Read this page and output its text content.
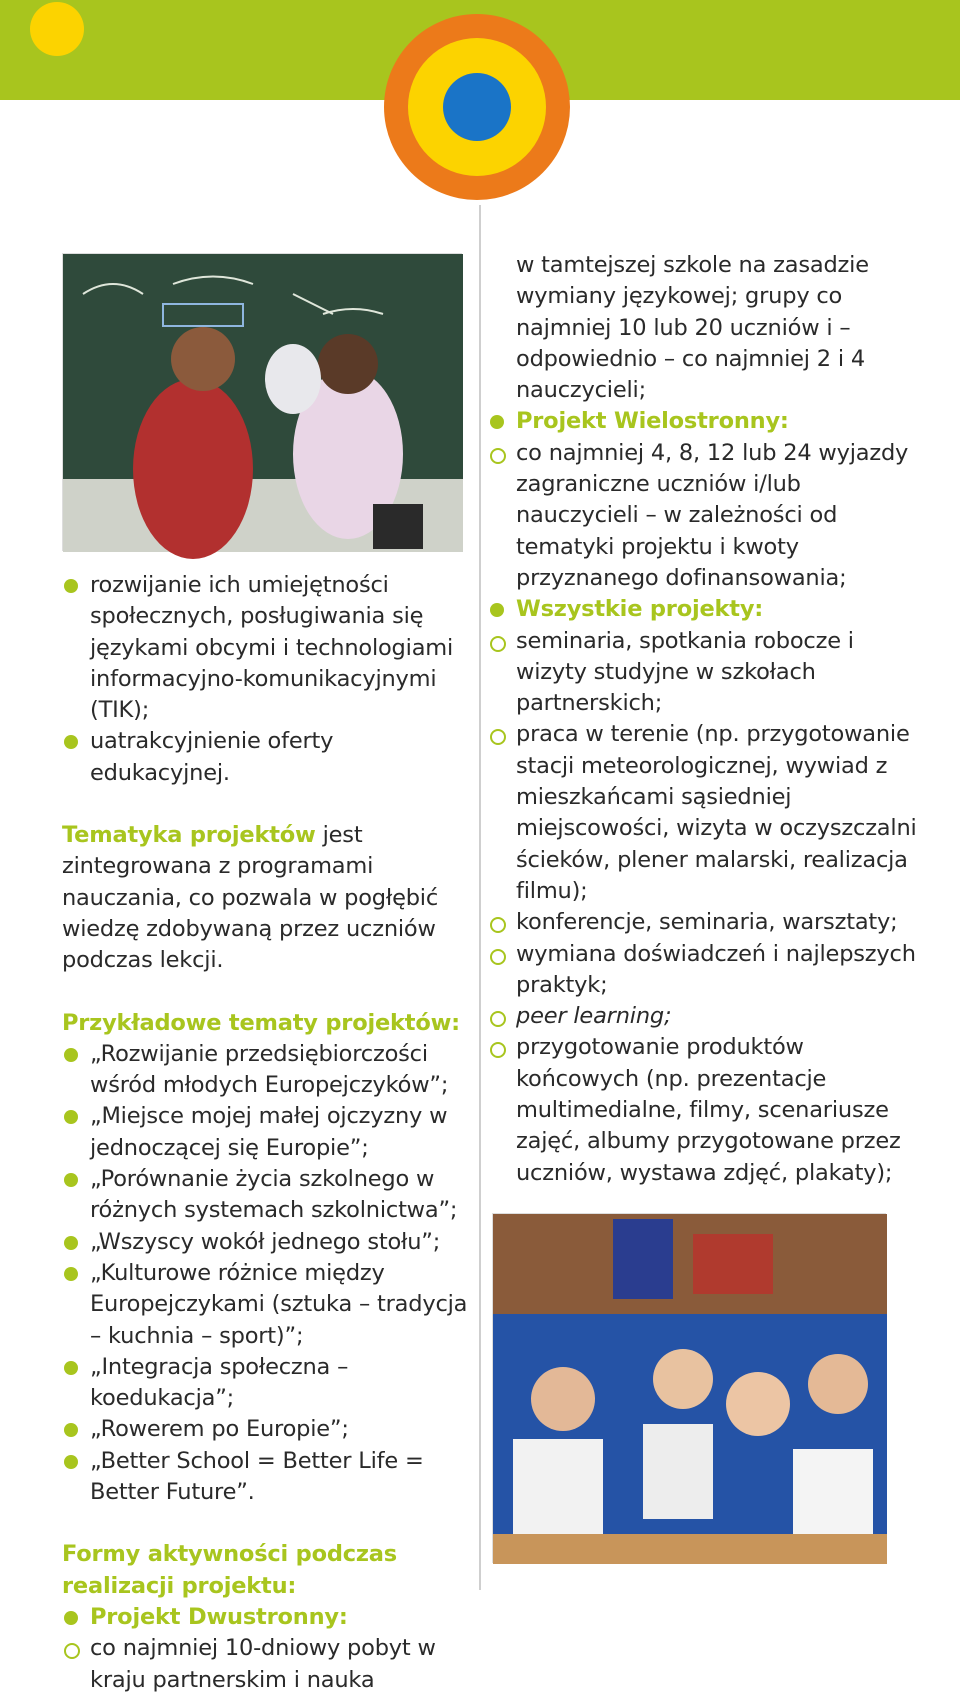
rozwijanie ich umiejętności społecznych, posługiwania się językami obcymi i technologiami informacyjno-komunikacyjnymi (TIK);
uatrakcyjnienie oferty edukacyjnej.
Tematyka projektów jest zintegrowana z programami nauczania, co pozwala w pogłębić wiedzę zdobywaną przez uczniów podczas lekcji.
Przykładowe tematy projektów:
„Rozwijanie przedsiębiorczości wśród młodych Europejczyków”;
„Miejsce mojej małej ojczyzny w jednoczącej się Europie”;
„Porównanie życia szkolnego w różnych systemach szkolnictwa”;
„Wszyscy wokół jednego stołu”;
„Kulturowe różnice między Europejczykami (sztuka – tradycja – kuchnia – sport)”;
„Integracja społeczna – koedukacja”;
„Rowerem po Europie”;
„Better School = Better Life = Better Future”.
Formy aktywności podczas realizacji projektu:
Projekt Dwustronny:
co najmniej 10-dniowy pobyt w kraju partnerskim i nauka
w tamtejszej szkole na zasadzie wymiany językowej; grupy co najmniej 10 lub 20 uczniów i – odpowiednio – co najmniej 2 i 4 nauczycieli;
Projekt Wielostronny:
co najmniej 4, 8, 12 lub 24 wyjazdy zagraniczne uczniów i/lub nauczycieli – w zależności od tematyki projektu i kwoty przyznanego dofinansowania;
Wszystkie projekty:
seminaria, spotkania robocze i wizyty studyjne w szkołach partnerskich;
praca w terenie (np. przygotowanie stacji meteorologicznej, wywiad z mieszkańcami sąsiedniej miejscowości, wizyta w oczyszczalni ścieków, plener malarski, realizacja filmu);
konferencje, seminaria, warsztaty;
wymiana doświadczeń i najlepszych praktyk;
peer learning;
przygotowanie produktów końcowych (np. prezentacje multimedialne, filmy, scenariusze zajęć, albumy przygotowane przez uczniów, wystawa zdjęć, plakaty);
